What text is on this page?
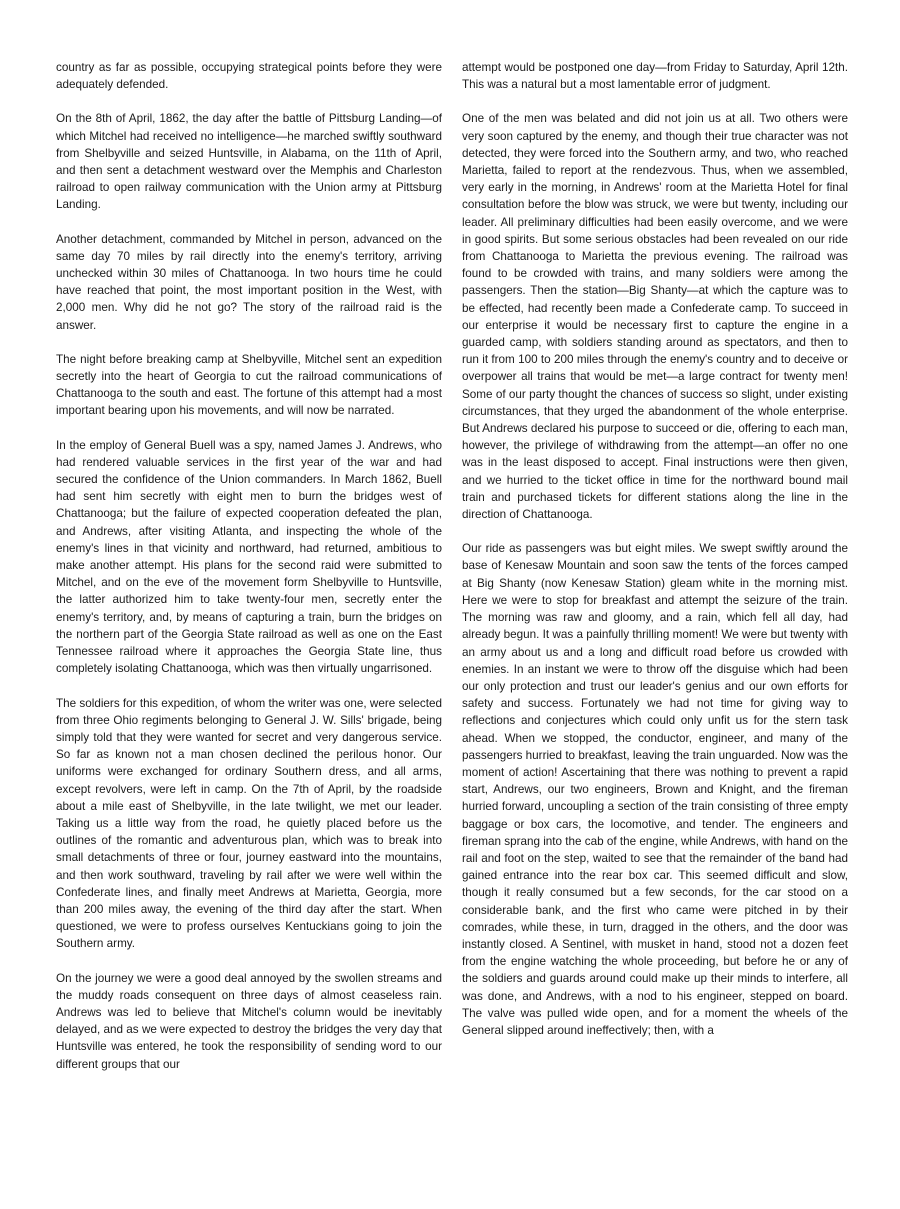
country as far as possible, occupying strategical points before they were adequately defended.

On the 8th of April, 1862, the day after the battle of Pittsburg Landing—of which Mitchel had received no intelligence—he marched swiftly southward from Shelbyville and seized Huntsville, in Alabama, on the 11th of April, and then sent a detachment westward over the Memphis and Charleston railroad to open railway communication with the Union army at Pittsburg Landing.

Another detachment, commanded by Mitchel in person, advanced on the same day 70 miles by rail directly into the enemy's territory, arriving unchecked within 30 miles of Chattanooga. In two hours time he could have reached that point, the most important position in the West, with 2,000 men. Why did he not go? The story of the railroad raid is the answer.

The night before breaking camp at Shelbyville, Mitchel sent an expedition secretly into the heart of Georgia to cut the railroad communications of Chattanooga to the south and east. The fortune of this attempt had a most important bearing upon his movements, and will now be narrated.

In the employ of General Buell was a spy, named James J. Andrews, who had rendered valuable services in the first year of the war and had secured the confidence of the Union commanders. In March 1862, Buell had sent him secretly with eight men to burn the bridges west of Chattanooga; but the failure of expected cooperation defeated the plan, and Andrews, after visiting Atlanta, and inspecting the whole of the enemy's lines in that vicinity and northward, had returned, ambitious to make another attempt. His plans for the second raid were submitted to Mitchel, and on the eve of the movement form Shelbyville to Huntsville, the latter authorized him to take twenty-four men, secretly enter the enemy's territory, and, by means of capturing a train, burn the bridges on the northern part of the Georgia State railroad as well as one on the East Tennessee railroad where it approaches the Georgia State line, thus completely isolating Chattanooga, which was then virtually ungarrisoned.

The soldiers for this expedition, of whom the writer was one, were selected from three Ohio regiments belonging to General J. W. Sills' brigade, being simply told that they were wanted for secret and very dangerous service. So far as known not a man chosen declined the perilous honor. Our uniforms were exchanged for ordinary Southern dress, and all arms, except revolvers, were left in camp. On the 7th of April, by the roadside about a mile east of Shelbyville, in the late twilight, we met our leader. Taking us a little way from the road, he quietly placed before us the outlines of the romantic and adventurous plan, which was to break into small detachments of three or four, journey eastward into the mountains, and then work southward, traveling by rail after we were well within the Confederate lines, and finally meet Andrews at Marietta, Georgia, more than 200 miles away, the evening of the third day after the start. When questioned, we were to profess ourselves Kentuckians going to join the Southern army.

On the journey we were a good deal annoyed by the swollen streams and the muddy roads consequent on three days of almost ceaseless rain. Andrews was led to believe that Mitchel's column would be inevitably delayed, and as we were expected to destroy the bridges the very day that Huntsville was entered, he took the responsibility of sending word to our different groups that our

attempt would be postponed one day—from Friday to Saturday, April 12th. This was a natural but a most lamentable error of judgment.

One of the men was belated and did not join us at all. Two others were very soon captured by the enemy, and though their true character was not detected, they were forced into the Southern army, and two, who reached Marietta, failed to report at the rendezvous. Thus, when we assembled, very early in the morning, in Andrews' room at the Marietta Hotel for final consultation before the blow was struck, we were but twenty, including our leader. All preliminary difficulties had been easily overcome, and we were in good spirits. But some serious obstacles had been revealed on our ride from Chattanooga to Marietta the previous evening. The railroad was found to be crowded with trains, and many soldiers were among the passengers. Then the station—Big Shanty—at which the capture was to be effected, had recently been made a Confederate camp. To succeed in our enterprise it would be necessary first to capture the engine in a guarded camp, with soldiers standing around as spectators, and then to run it from 100 to 200 miles through the enemy's country and to deceive or overpower all trains that would be met—a large contract for twenty men! Some of our party thought the chances of success so slight, under existing circumstances, that they urged the abandonment of the whole enterprise. But Andrews declared his purpose to succeed or die, offering to each man, however, the privilege of withdrawing from the attempt—an offer no one was in the least disposed to accept. Final instructions were then given, and we hurried to the ticket office in time for the northward bound mail train and purchased tickets for different stations along the line in the direction of Chattanooga.

Our ride as passengers was but eight miles. We swept swiftly around the base of Kenesaw Mountain and soon saw the tents of the forces camped at Big Shanty (now Kenesaw Station) gleam white in the morning mist. Here we were to stop for breakfast and attempt the seizure of the train. The morning was raw and gloomy, and a rain, which fell all day, had already begun. It was a painfully thrilling moment! We were but twenty with an army about us and a long and difficult road before us crowded with enemies. In an instant we were to throw off the disguise which had been our only protection and trust our leader's genius and our own efforts for safety and success. Fortunately we had not time for giving way to reflections and conjectures which could only unfit us for the stern task ahead. When we stopped, the conductor, engineer, and many of the passengers hurried to breakfast, leaving the train unguarded. Now was the moment of action! Ascertaining that there was nothing to prevent a rapid start, Andrews, our two engineers, Brown and Knight, and the fireman hurried forward, uncoupling a section of the train consisting of three empty baggage or box cars, the locomotive, and tender. The engineers and fireman sprang into the cab of the engine, while Andrews, with hand on the rail and foot on the step, waited to see that the remainder of the band had gained entrance into the rear box car. This seemed difficult and slow, though it really consumed but a few seconds, for the car stood on a considerable bank, and the first who came were pitched in by their comrades, while these, in turn, dragged in the others, and the door was instantly closed. A Sentinel, with musket in hand, stood not a dozen feet from the engine watching the whole proceeding, but before he or any of the soldiers and guards around could make up their minds to interfere, all was done, and Andrews, with a nod to his engineer, stepped on board. The valve was pulled wide open, and for a moment the wheels of the General slipped around ineffectively; then, with a
